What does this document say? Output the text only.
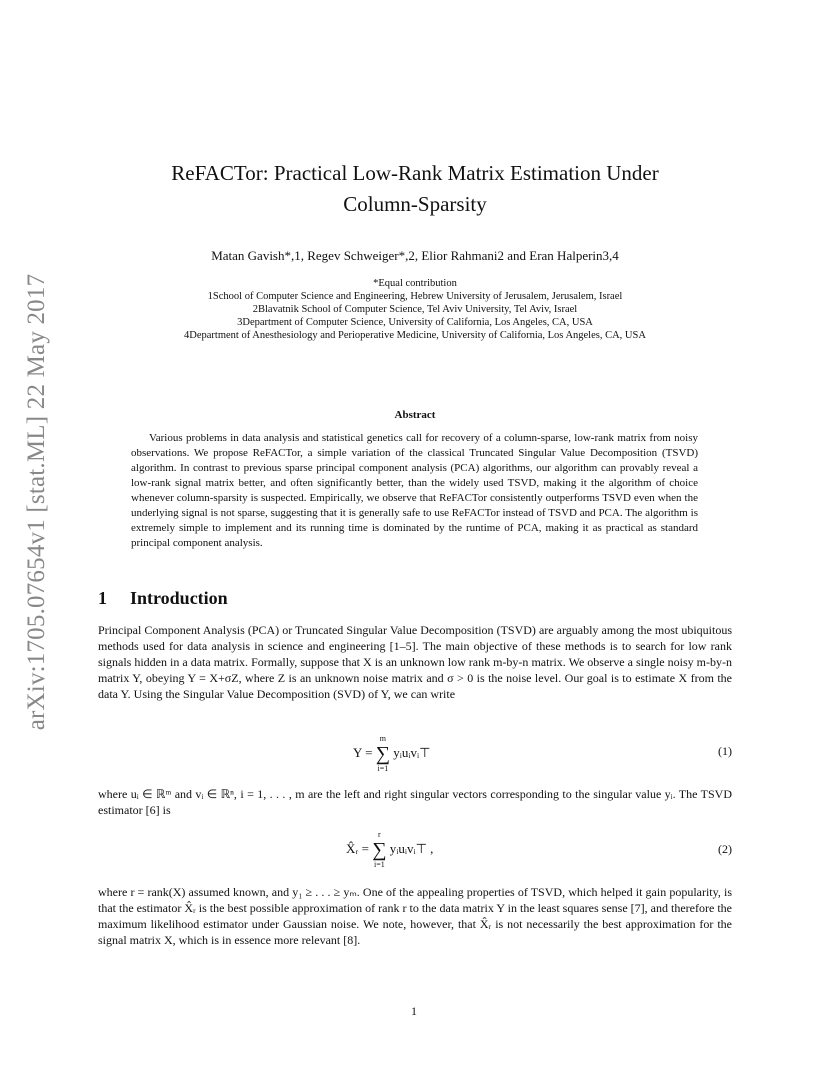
arXiv:1705.07654v1 [stat.ML] 22 May 2017
ReFACTor: Practical Low-Rank Matrix Estimation Under
Column-Sparsity
Matan Gavish*,1, Regev Schweiger*,2, Elior Rahmani2 and Eran Halperin3,4
*Equal contribution
1School of Computer Science and Engineering, Hebrew University of Jerusalem, Jerusalem, Israel
2Blavatnik School of Computer Science, Tel Aviv University, Tel Aviv, Israel
3Department of Computer Science, University of California, Los Angeles, CA, USA
4Department of Anesthesiology and Perioperative Medicine, University of California, Los Angeles, CA, USA
Abstract
Various problems in data analysis and statistical genetics call for recovery of a column-sparse, low-rank matrix from noisy observations. We propose ReFACTor, a simple variation of the classical Truncated Singular Value Decomposition (TSVD) algorithm. In contrast to previous sparse principal component analysis (PCA) algorithms, our algorithm can provably reveal a low-rank signal matrix better, and often significantly better, than the widely used TSVD, making it the algorithm of choice whenever column-sparsity is suspected. Empirically, we observe that ReFACTor consistently outperforms TSVD even when the underlying signal is not sparse, suggesting that it is generally safe to use ReFACTor instead of TSVD and PCA. The algorithm is extremely simple to implement and its running time is dominated by the runtime of PCA, making it as practical as standard principal component analysis.
1 Introduction
Principal Component Analysis (PCA) or Truncated Singular Value Decomposition (TSVD) are arguably among the most ubiquitous methods used for data analysis in science and engineering [1–5]. The main objective of these methods is to search for low rank signals hidden in a data matrix. Formally, suppose that X is an unknown low rank m-by-n matrix. We observe a single noisy m-by-n matrix Y, obeying Y = X+σZ, where Z is an unknown noise matrix and σ > 0 is the noise level. Our goal is to estimate X from the data Y. Using the Singular Value Decomposition (SVD) of Y, we can write
Y =
m
∑
i=1
yᵢuᵢvᵢ⊤	(1)
where uᵢ ∈ ℝᵐ and vᵢ ∈ ℝⁿ, i = 1, . . . , m are the left and right singular vectors corresponding to the singular value yᵢ. The TSVD estimator [6] is
X̂ᵣ =
r
∑
i=1
yᵢuᵢvᵢ⊤ ,	(2)
where r = rank(X) assumed known, and y₁ ≥ . . . ≥ yₘ. One of the appealing properties of TSVD, which helped it gain popularity, is that the estimator X̂ᵣ is the best possible approximation of rank r to the data matrix Y in the least squares sense [7], and therefore the maximum likelihood estimator under Gaussian noise. We note, however, that X̂ᵣ is not necessarily the best approximation for the signal matrix X, which is in essence more relevant [8].
1
